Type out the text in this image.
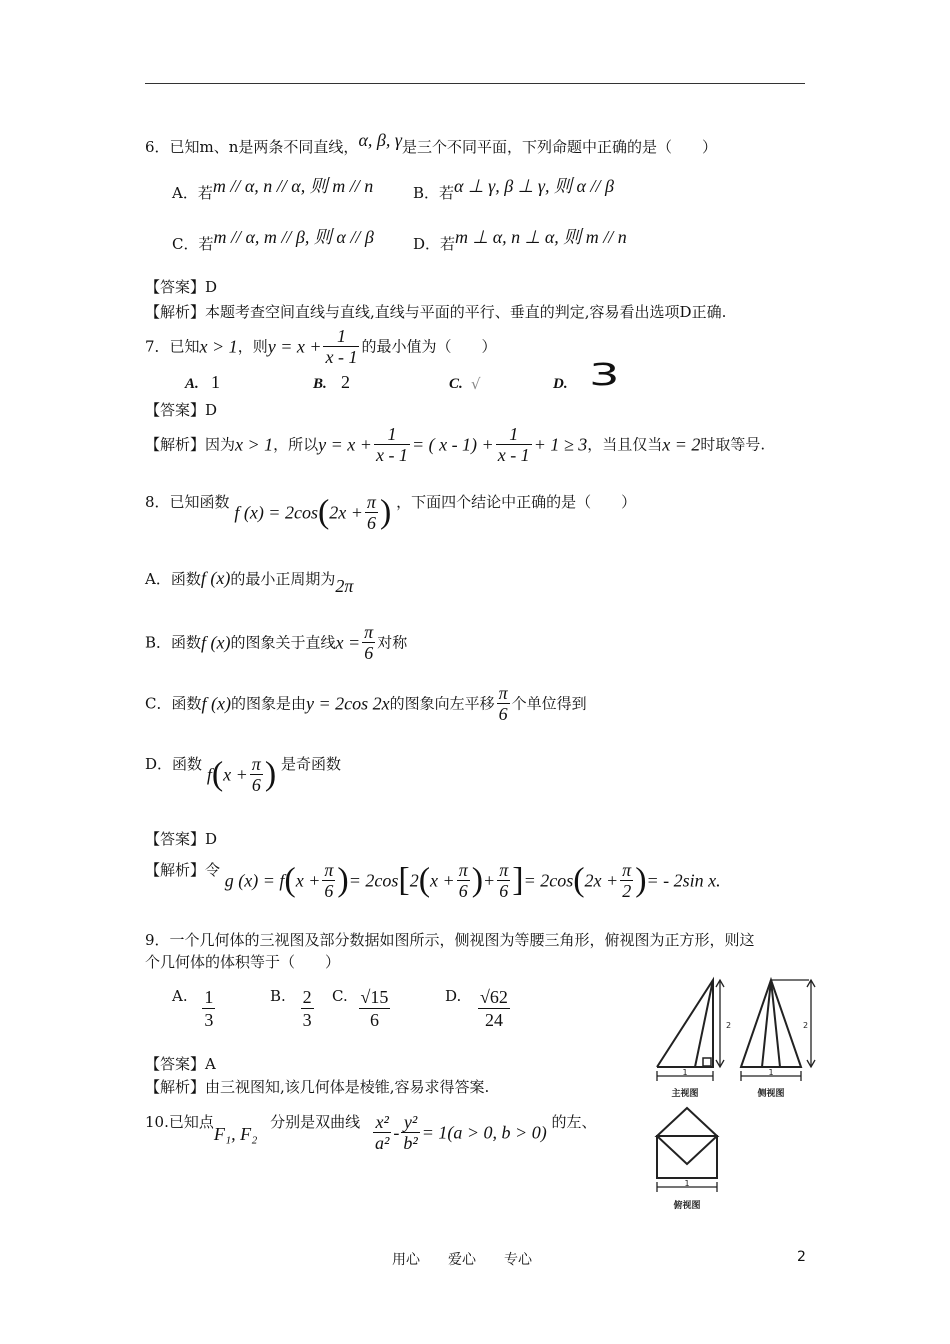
6．已知m、n是两条不同直线，α, β, γ是三个不同平面，下列命题中正确的是（　　）
A．若m // α, n // α, 则 m // n	B．若α ⊥ γ, β ⊥ γ, 则 α // β
C．若m // α, m // β, 则 α // β	D．若m ⊥ α, n ⊥ α, 则 m // n
【答案】D
【解析】本题考查空间直线与直线,直线与平面的平行、垂直的判定,容易看出选项D正确.
7．已知x > 1，则$y = x + \frac{1}{x - 1}$ 的最小值为（　　）
A. 1	B. 2	C. √	D. 3
【答案】D
【解析】因为x > 1，所以$y = x + \frac{1}{x - 1}$ = ( $x - 1) + \frac{1}{x - 1} + 1 \ge 3$，当且仅当x = 2时取等号.
8．已知函数 f $(x) = 2\cos(2x + \frac{\pi}{6}$ ) ，下面四个结论中正确的是（　　）
A．函数f (x)的最小正周期为2π
B．函数f (x)的图象关于直线$x = \frac{\pi}{6}$ 对称
C．函数f (x)的图象是由y = 2cos 2x的图象向左平移 $\frac{\pi}{6}$ 个单位得到
D．函数 $f(x + \frac{\pi}{6}$ ) 是奇函数
【答案】D
【解析】令 g $(x) = f(x + \frac{\pi}{6}$ )= $2\cos[2(x + \frac{\pi}{6}$ )+ $\frac{\pi}{6}$ ]= $2\cos(2x + \frac{\pi}{2}$ )= - 2sin x.
9．一个几何体的三视图及部分数据如图所示，侧视图为等腰三角形，俯视图为正方形，则这
个几何体的体积等于（　　）
A. $\frac{1}{3}$	B. $\frac{2}{3} C$. $\frac{√15}{6}$	D. $\frac{√62}{24}$
【答案】A
【解析】由三视图知,该几何体是棱锥,容易求得答案.
1
2
1
2
1
主视图	侧视图
俯视图
10.已知点F₁, F₂ 分别是双曲线 $\frac{\text{x²}}{\text{a²}} - \frac{\text{y²}}{\text{b²}} = 1(a > 0$, b > 0) 的左、
用心　　爱心　　专心	2
